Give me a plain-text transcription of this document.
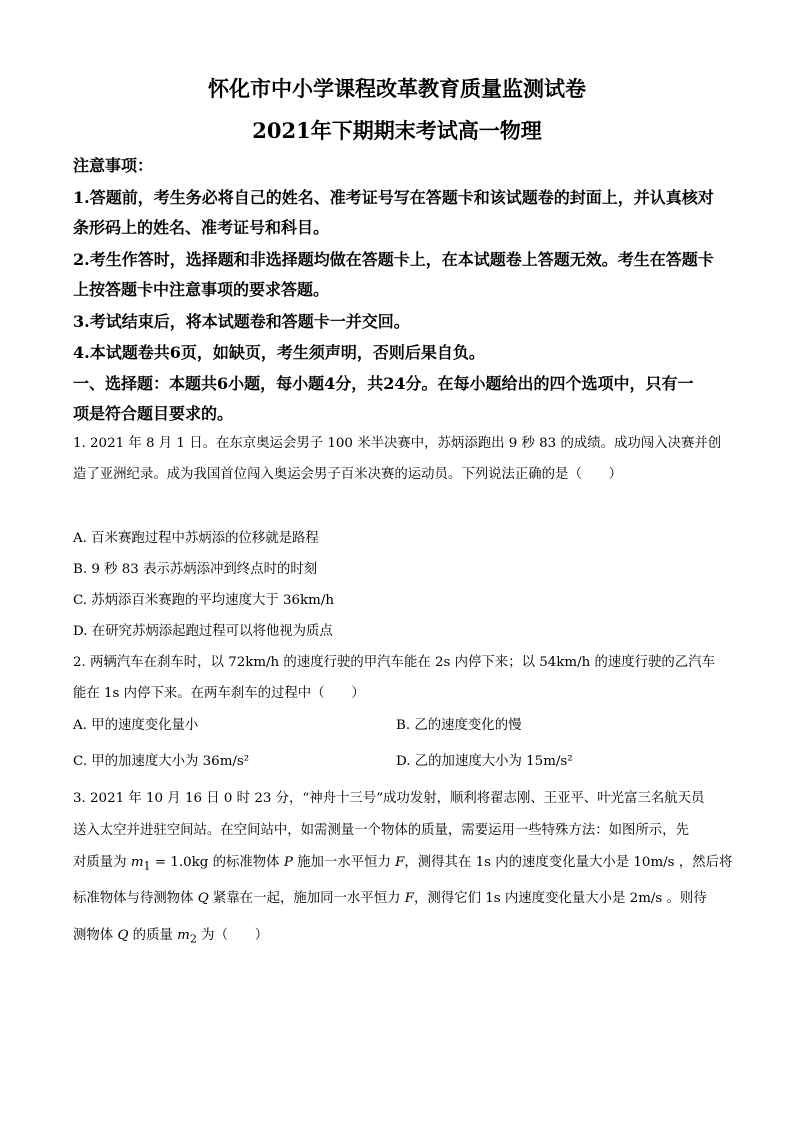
怀化市中小学课程改革教育质量监测试卷
2021年下期期末考试高一物理
注意事项：
1.答题前，考生务必将自己的姓名、准考证号写在答题卡和该试题卷的封面上，并认真核对
条形码上的姓名、准考证号和科目。
2.考生作答时，选择题和非选择题均做在答题卡上，在本试题卷上答题无效。考生在答题卡
上按答题卡中注意事项的要求答题。
3.考试结束后，将本试题卷和答题卡一并交回。
4.本试题卷共6页，如缺页，考生须声明，否则后果自负。
一、选择题：本题共6小题，每小题4分，共24分。在每小题给出的四个选项中，只有一
项是符合题目要求的。
1. 2021 年 8 月 1 日。在东京奥运会男子 100 米半决赛中，苏炳添跑出 9 秒 83 的成绩。成功闯入决赛并创
造了亚洲纪录。成为我国首位闯入奥运会男子百米决赛的运动员。下列说法正确的是（　　）
A. 百米赛跑过程中苏炳添的位移就是路程
B. 9 秒 83 表示苏炳添冲到终点时的时刻
C. 苏炳添百米赛跑的平均速度大于 36km/h
D. 在研究苏炳添起跑过程可以将他视为质点
2. 两辆汽车在刹车时，以 72km/h 的速度行驶的甲汽车能在 2s 内停下来；以 54km/h 的速度行驶的乙汽车
能在 1s 内停下来。在两车刹车的过程中（　　）
A. 甲的速度变化量小	B. 乙的速度变化的慢
C. 甲的加速度大小为 36m/s²	D. 乙的加速度大小为 15m/s²
3. 2021 年 10 月 16 日 0 时 23 分，“神舟十三号”成功发射，顺利将翟志刚、王亚平、叶光富三名航天员
送入太空并进驻空间站。在空间站中，如需测量一个物体的质量，需要运用一些特殊方法：如图所示，先
对质量为 $m_1 = 1.0kg$ 的标准物体 P 施加一水平恒力 F，测得其在 1s 内的速度变化量大小是 10m/s ，然后将
标准物体与待测物体 Q 紧靠在一起，施加同一水平恒力 F，测得它们 1s 内速度变化量大小是 2m/s 。则待
测物体 Q 的质量 $m_2$ 为（　　）
